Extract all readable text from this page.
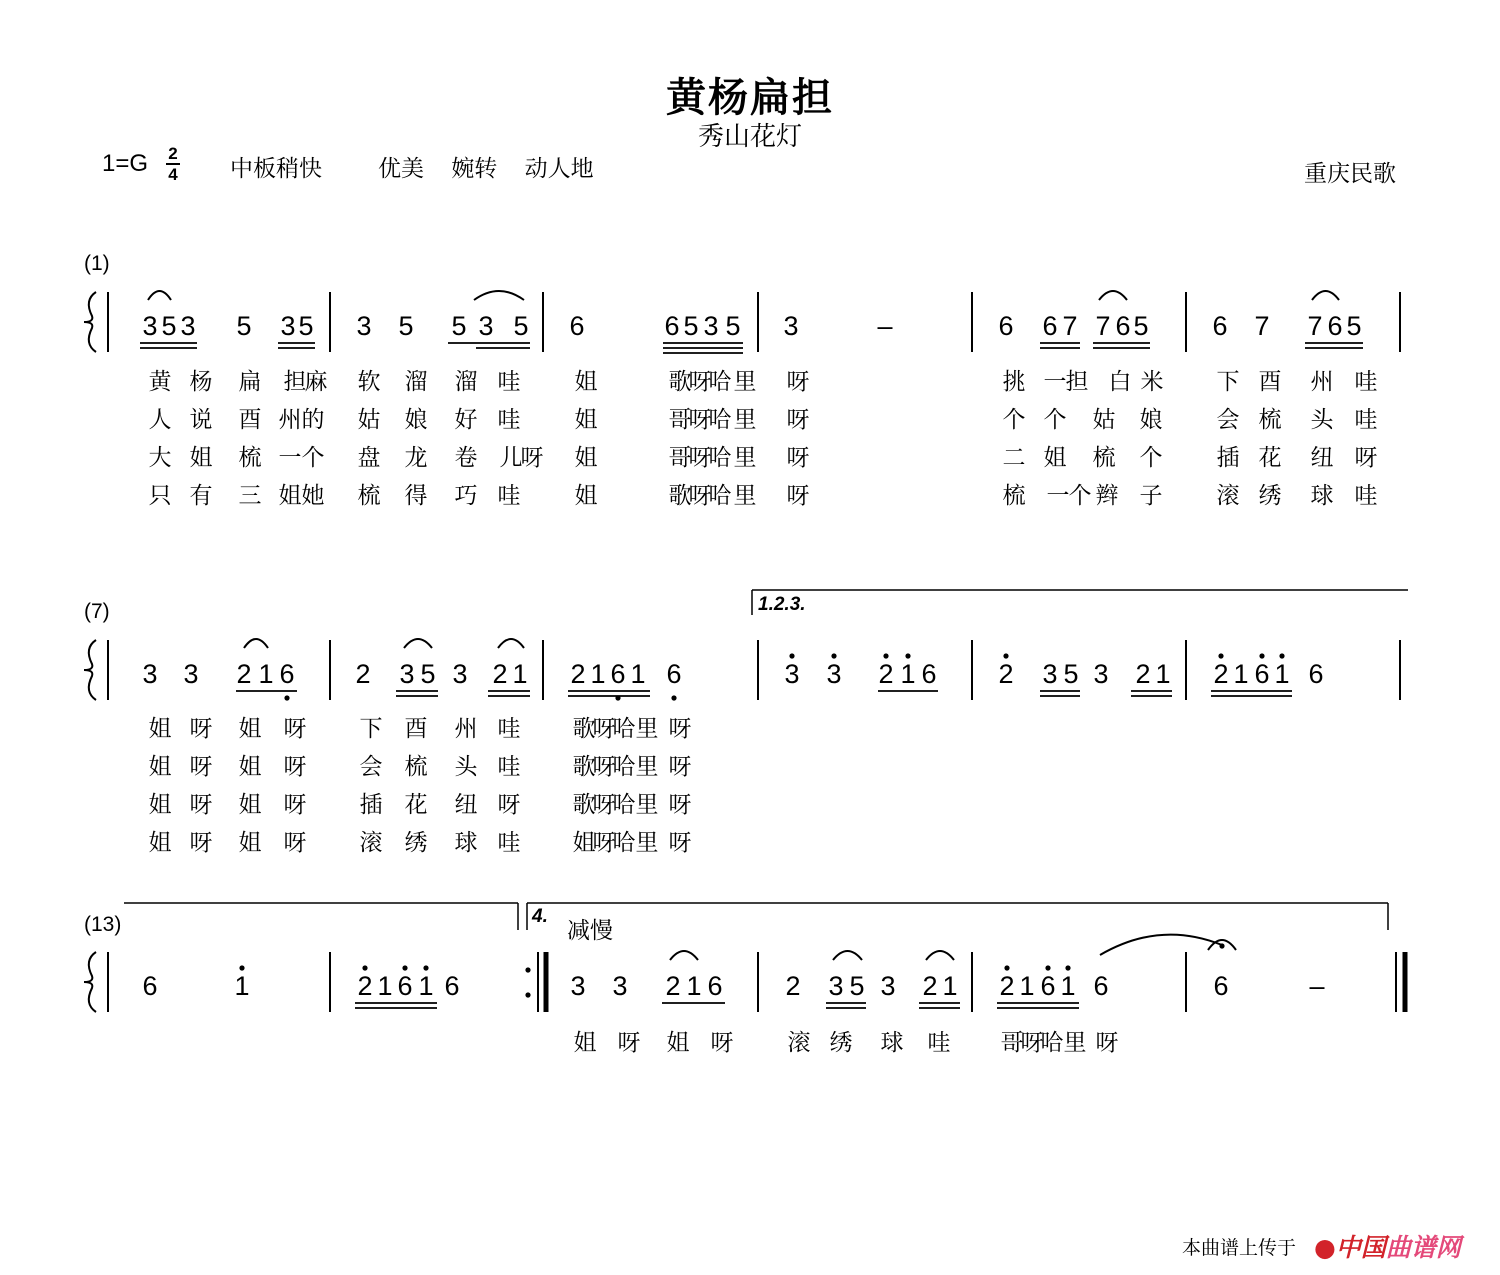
黄杨扁担
秀山花灯
1=G	2
4 中板稍快 优美 婉转 动人地	重庆民歌
(1)
(7)
(13)
3 5 3 5 3 5 3 5 5 3 5 6	6 5 3 5 3	–	6 6 7 7 6 5 6 7 7 6 5
1.2.3.
3 3 2 1 6 2 3 5 3 2 1 2 1 6 1 6	3 3 2 1 6 2 3 5 3 2 1 2 1 6 1 6
4.
减慢
6	1	2 1 6 1 6	3 3 2 1 6 2 3 5 3 2 1 2 1 6 1 6	6	–
黄 杨 扁 担
麻 软 溜 溜 哇 姐	歌
呀
哈 里 呀	挑 一 担 白 米 下 酉 州 哇
人 说 酉 州 的 姑 娘 好 哇 姐	哥
呀
哈 里 呀	个 个 姑 娘 会 梳 头 哇
大 姐 梳 一 个 盘 龙 卷 儿
呀 姐	哥
呀
哈 里 呀	二 姐 梳 个 插 花 纽 呀
只 有 三 姐 她 梳 得 巧 哇 姐	歌
呀
哈 里 呀	梳 一 个 辫 子 滚 绣 球 哇
姐 呀 姐 呀 下 酉 州 哇 歌
呀
哈 里 呀
姐 呀 姐 呀 会 梳 头 哇 歌
呀
哈 里 呀
姐 呀 姐 呀 插 花 纽 呀 歌
呀
哈 里 呀
姐 呀 姐 呀 滚 绣 球 哇 姐
呀
哈 里 呀
姐 呀 姐 呀 滚 绣 球 哇 哥
呀
哈 里 呀
本曲谱上传于 ●中国曲谱网
